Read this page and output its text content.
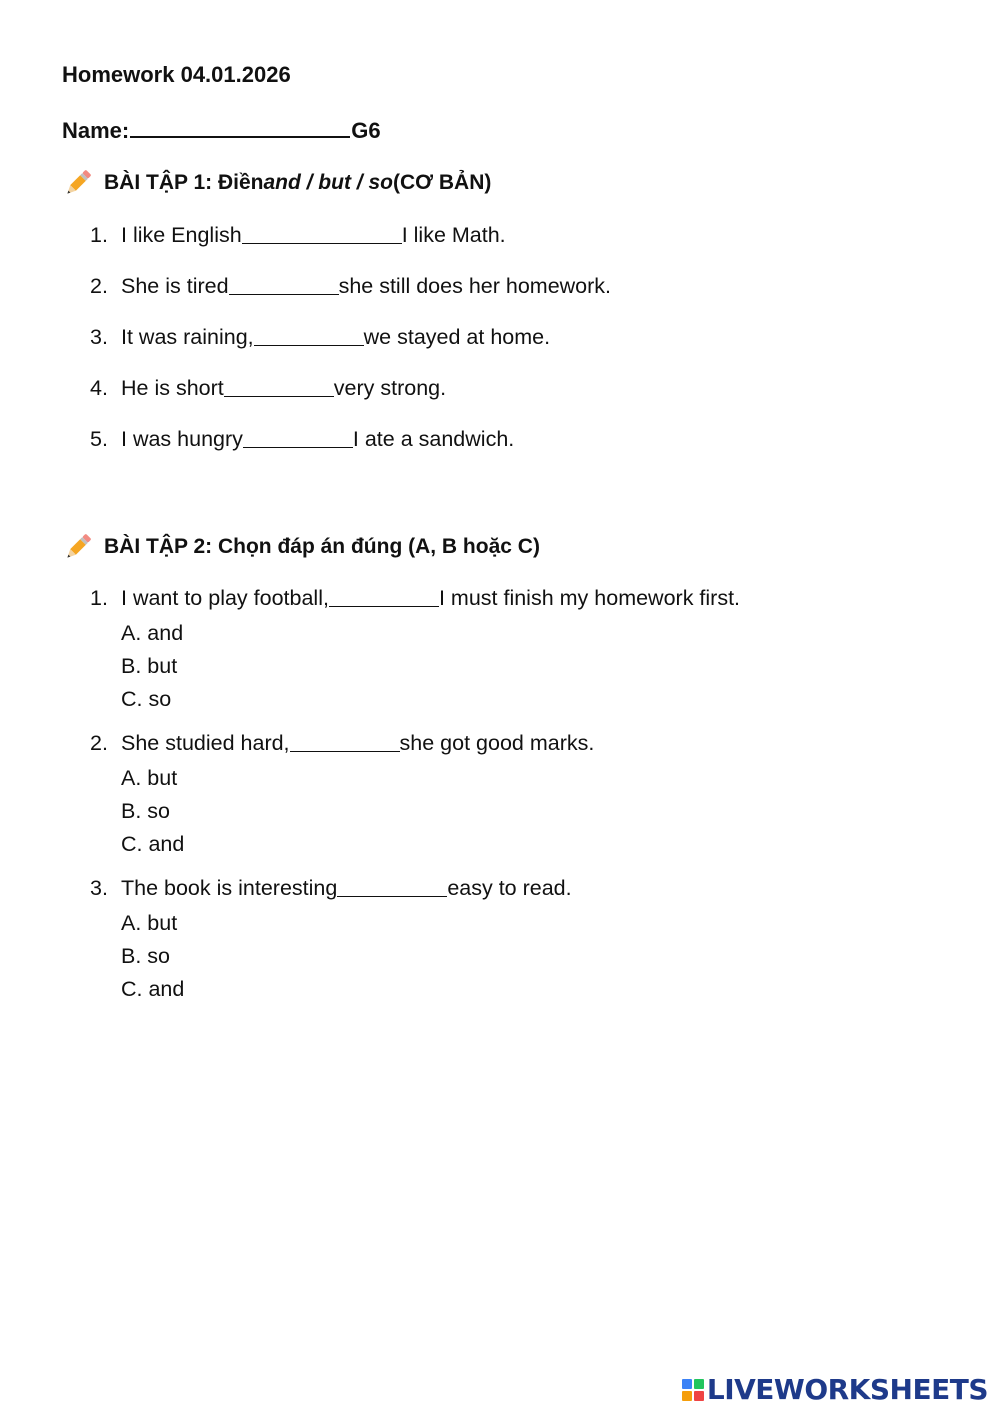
Homework 04.01.2026
Name:	G6
BÀI TẬP 1: Điền and / but / so (CƠ BẢN)
1. I like English	I like Math.
2. She is tired	she still does her homework.
3. It was raining,	we stayed at home.
4. He is short	very strong.
5. I was hungry	I ate a sandwich.
BÀI TẬP 2: Chọn đáp án đúng (A, B hoặc C)
1. I want to play football,	I must finish my homework first.
A. and
B. but
C. so
2. She studied hard,	she got good marks.
A. but
B. so
C. and
3. The book is interesting	easy to read.
A. but
B. so
C. and
LIVEWORKSHEETS
